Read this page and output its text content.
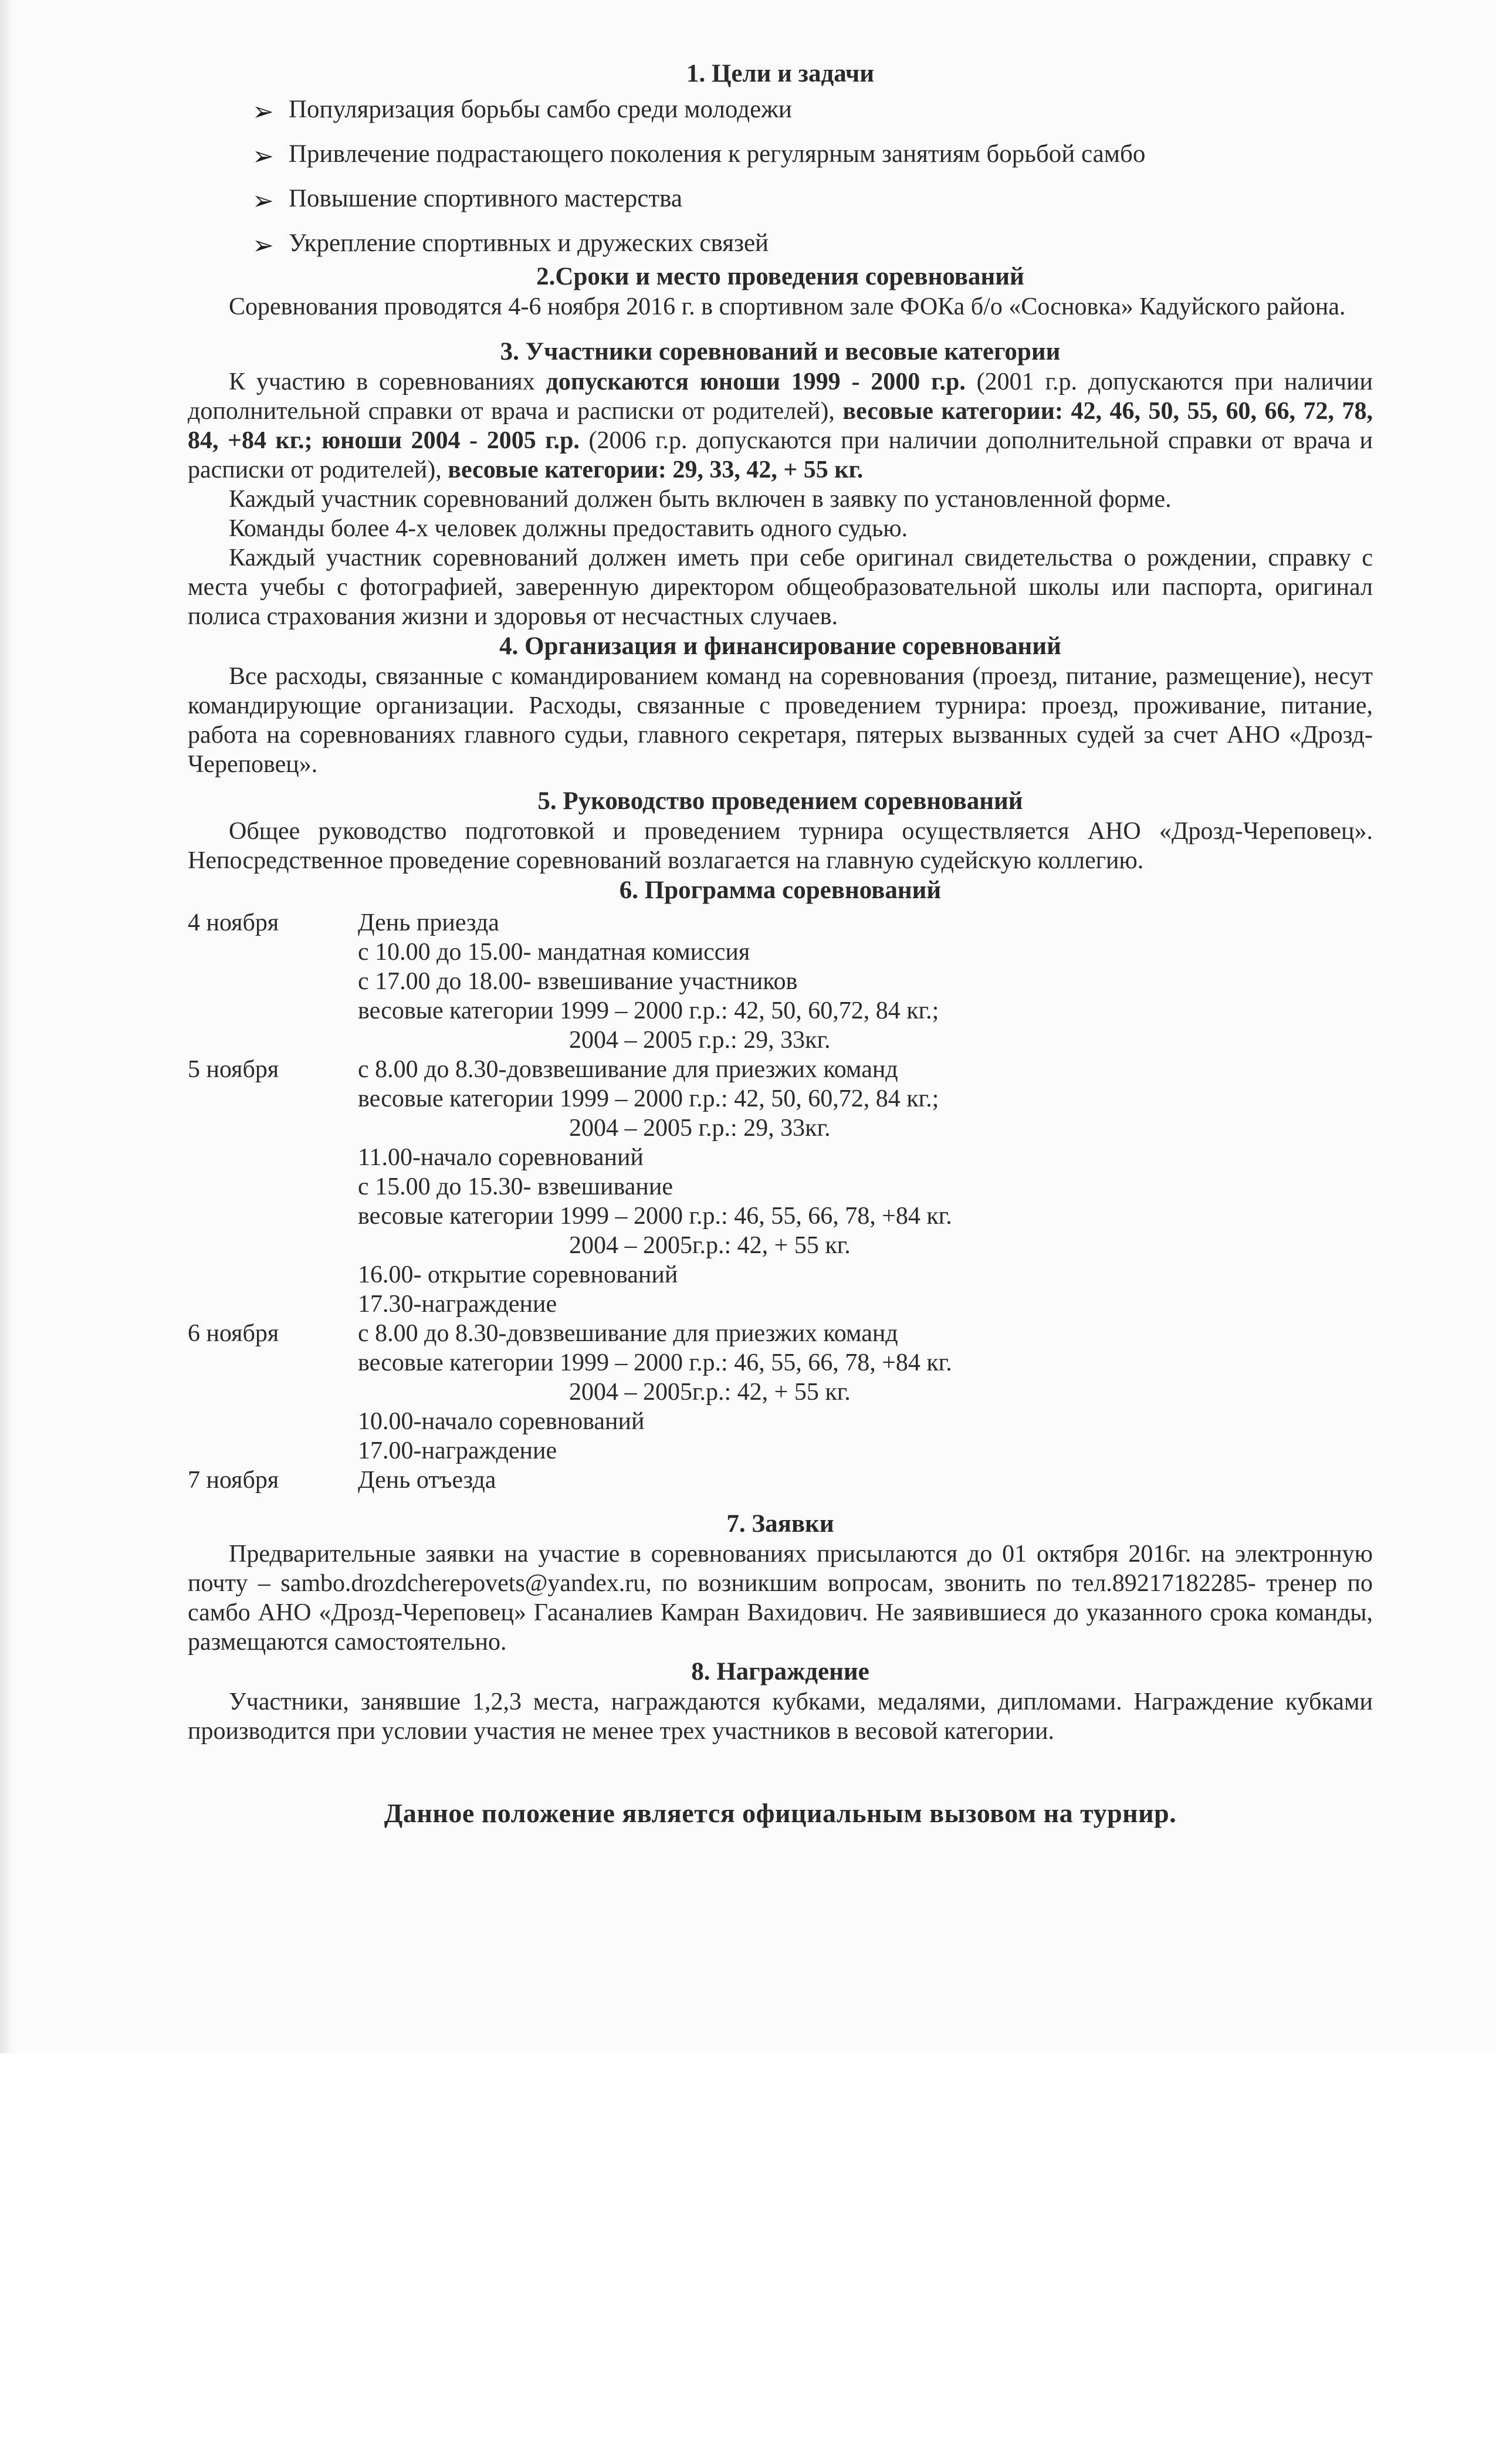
1. Цели и задачи
➢ Популяризация борьбы самбо среди молодежи
➢ Привлечение подрастающего поколения к регулярным занятиям борьбой самбо
➢ Повышение спортивного мастерства
➢ Укрепление спортивных и дружеских связей
2.Сроки и место проведения соревнований

Соревнования проводятся 4-6 ноября 2016 г. в спортивном зале ФОКа б/о «Сосновка» Кадуйского района.

3. Участники соревнований и весовые категории

К участию в соревнованиях допускаются юноши 1999 - 2000 г.р. (2001 г.р. допускаются при наличии дополнительной справки от врача и расписки от родителей), весовые категории: 42, 46, 50, 55, 60, 66, 72, 78, 84, +84 кг.; юноши 2004 - 2005 г.р. (2006 г.р. допускаются при наличии дополнительной справки от врача и расписки от родителей), весовые категории: 29, 33, 42, + 55 кг.

Каждый участник соревнований должен быть включен в заявку по установленной форме.

Команды более 4-х человек должны предоставить одного судью.

Каждый участник соревнований должен иметь при себе оригинал свидетельства о рождении, справку с места учебы с фотографией, заверенную директором общеобразовательной школы или паспорта, оригинал полиса страхования жизни и здоровья от несчастных случаев.

4. Организация и финансирование соревнований

Все расходы, связанные с командированием команд на соревнования (проезд, питание, размещение), несут командирующие организации. Расходы, связанные с проведением турнира: проезд, проживание, питание, работа на соревнованиях главного судьи, главного секретаря, пятерых вызванных судей за счет АНО «Дрозд-Череповец».

5. Руководство проведением соревнований

Общее руководство подготовкой и проведением турнира осуществляется АНО «Дрозд-Череповец». Непосредственное проведение соревнований возлагается на главную судейскую коллегию.

6. Программа соревнований
4 ноября	День приезда
с 10.00 до 15.00- мандатная комиссия
с 17.00 до 18.00- взвешивание участников
весовые категории 1999 – 2000 г.р.: 42, 50, 60,72, 84 кг.;
2004 – 2005 г.р.: 29, 33кг.
5 ноября	с 8.00 до 8.30-довзвешивание для приезжих команд
весовые категории 1999 – 2000 г.р.: 42, 50, 60,72, 84 кг.;
2004 – 2005 г.р.: 29, 33кг.
11.00-начало соревнований
с 15.00 до 15.30- взвешивание
весовые категории 1999 – 2000 г.р.: 46, 55, 66, 78, +84 кг.
2004 – 2005г.р.: 42, + 55 кг.
16.00- открытие соревнований
17.30-награждение
6 ноября	с 8.00 до 8.30-довзвешивание для приезжих команд
весовые категории 1999 – 2000 г.р.: 46, 55, 66, 78, +84 кг.
2004 – 2005г.р.: 42, + 55 кг.
10.00-начало соревнований
17.00-награждение
7 ноября	День отъезда
7. Заявки

Предварительные заявки на участие в соревнованиях присылаются до 01 октября 2016г. на электронную почту – sambo.drozdcherepovets@yandex.ru, по возникшим вопросам, звонить по тел.89217182285- тренер по самбо АНО «Дрозд-Череповец» Гасаналиев Камран Вахидович. Не заявившиеся до указанного срока команды, размещаются самостоятельно.

8. Награждение

Участники, занявшие 1,2,3 места, награждаются кубками, медалями, дипломами. Награждение кубками производится при условии участия не менее трех участников в весовой категории.

Данное положение является официальным вызовом на турнир.
